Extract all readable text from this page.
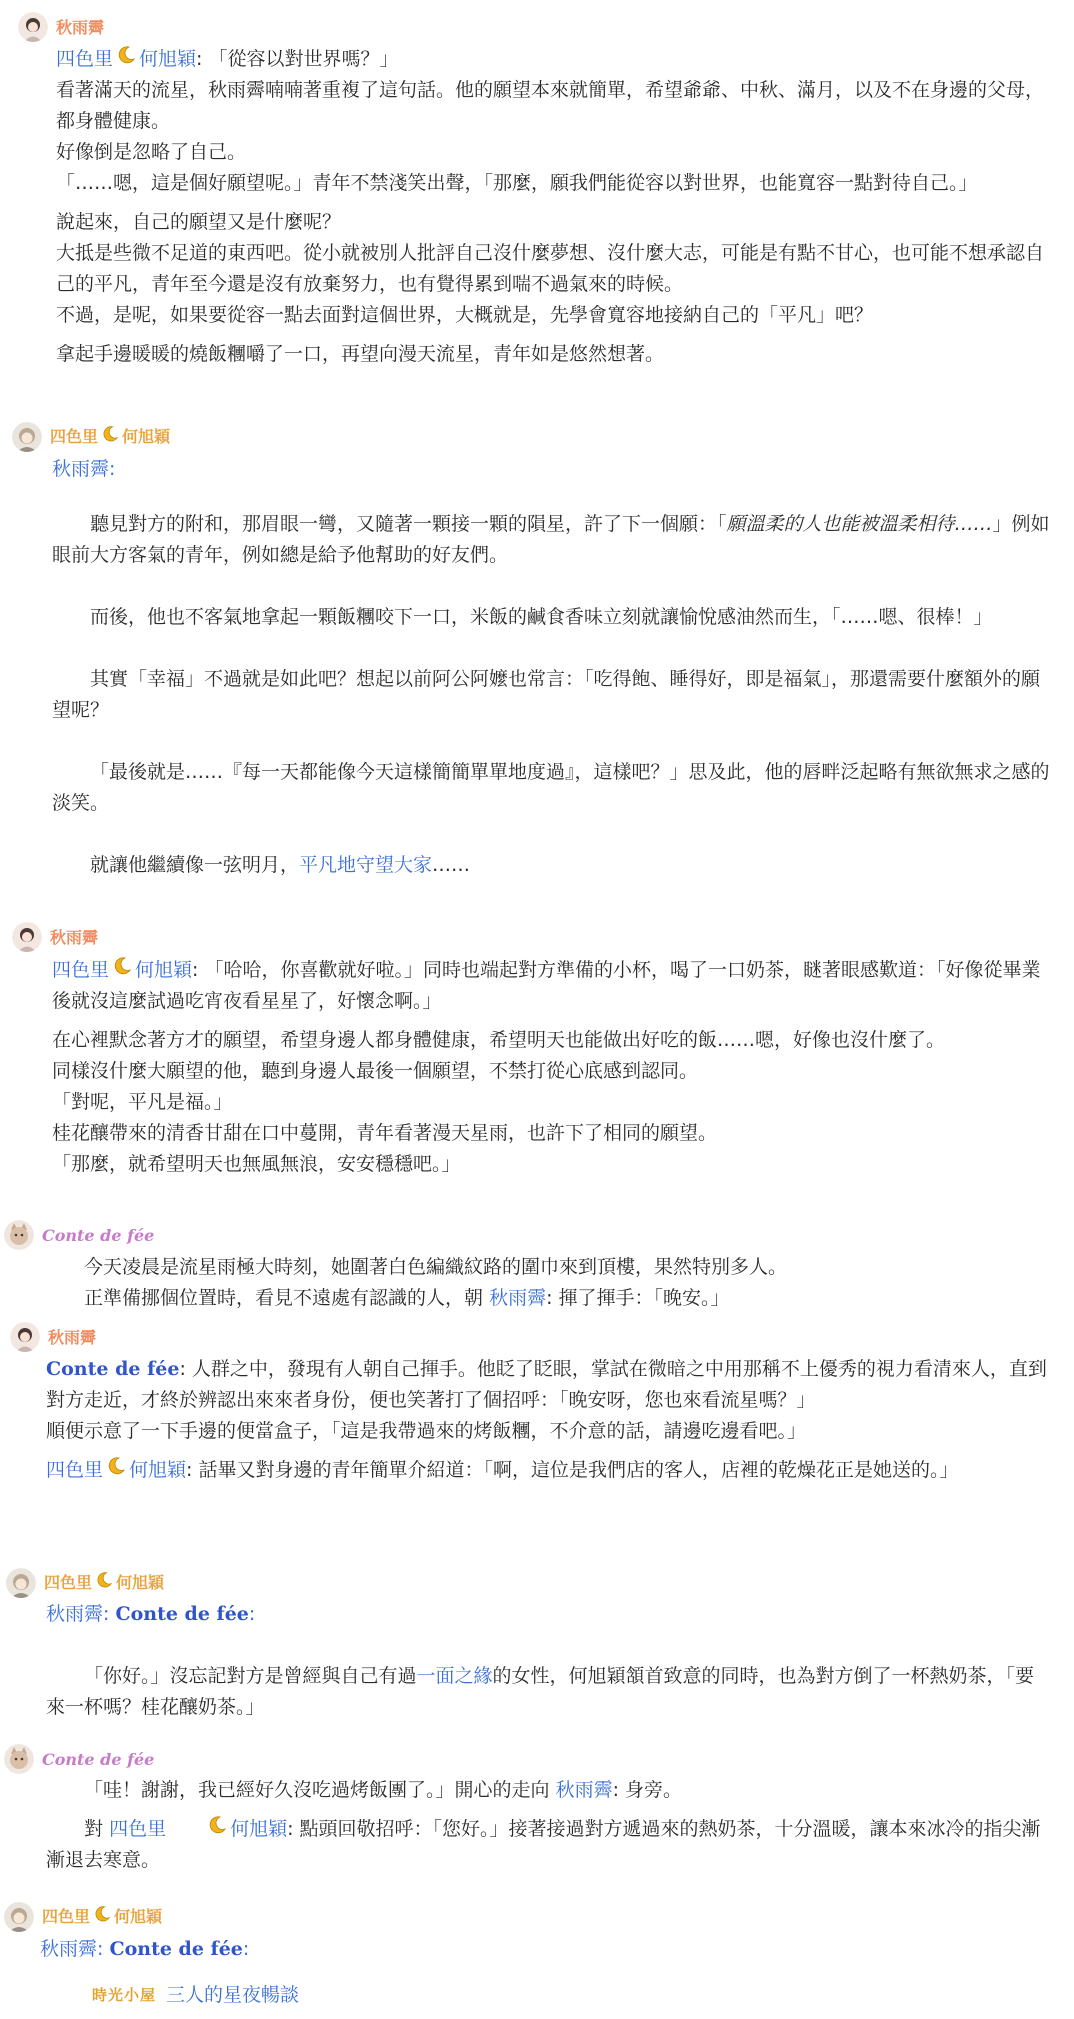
秋雨霽

四色里 何旭穎: 「從容以對世界嗎？」

看著滿天的流星，秋雨霽喃喃著重複了這句話。他的願望本來就簡單，希望爺爺、中秋、滿月，以及不在身邊的父母，都身體健康。

好像倒是忽略了自己。

「……嗯，這是個好願望呢。」青年不禁淺笑出聲，「那麼，願我們能從容以對世界，也能寬容一點對待自己。」

說起來，自己的願望又是什麼呢？

大抵是些微不足道的東西吧。從小就被別人批評自己沒什麼夢想、沒什麼大志，可能是有點不甘心，也可能不想承認自己的平凡，青年至今還是沒有放棄努力，也有覺得累到喘不過氣來的時候。

不過，是呢，如果要從容一點去面對這個世界，大概就是，先學會寬容地接納自己的「平凡」吧？

拿起手邊暖暖的燒飯糰嚼了一口，再望向漫天流星，青年如是悠然想著。

四色里 何旭穎

秋雨霽:

聽見對方的附和，那眉眼一彎，又隨著一顆接一顆的隕星，許了下一個願：「願溫柔的人也能被溫柔相待……」例如眼前大方客氣的青年，例如總是給予他幫助的好友們。

而後，他也不客氣地拿起一顆飯糰咬下一口，米飯的鹹食香味立刻就讓愉悅感油然而生，「……嗯、很棒！」

其實「幸福」不過就是如此吧？想起以前阿公阿嬤也常言：「吃得飽、睡得好，即是福氣」，那還需要什麼額外的願望呢？

「最後就是……『每一天都能像今天這樣簡簡單單地度過』，這樣吧？」思及此，他的唇畔泛起略有無欲無求之感的淡笑。

就讓他繼續像一弦明月，平凡地守望大家……

秋雨霽

四色里 何旭穎: 「哈哈，你喜歡就好啦。」同時也端起對方準備的小杯，喝了一口奶茶，瞇著眼感歎道：「好像從畢業後就沒這麼試過吃宵夜看星星了，好懷念啊。」

在心裡默念著方才的願望，希望身邊人都身體健康，希望明天也能做出好吃的飯……嗯，好像也沒什麼了。

同樣沒什麼大願望的他，聽到身邊人最後一個願望，不禁打從心底感到認同。

「對呢，平凡是福。」

桂花釀帶來的清香甘甜在口中蔓開，青年看著漫天星雨，也許下了相同的願望。

「那麼，就希望明天也無風無浪，安安穩穩吧。」

Conte de fée

今天凌晨是流星雨極大時刻，她圍著白色編織紋路的圍巾來到頂樓，果然特別多人。

正準備挪個位置時，看見不遠處有認識的人，朝 秋雨霽: 揮了揮手：「晚安。」

秋雨霽

Conte de fée: 人群之中，發現有人朝自己揮手。他眨了眨眼，掌試在微暗之中用那稱不上優秀的視力看清來人，直到對方走近，才終於辨認出來來者身份，便也笑著打了個招呼：「晚安呀，您也來看流星嗎？」

順便示意了一下手邊的便當盒子，「這是我帶過來的烤飯糰，不介意的話，請邊吃邊看吧。」

四色里 何旭穎: 話畢又對身邊的青年簡單介紹道：「啊，這位是我們店的客人，店裡的乾燥花正是她送的。」

四色里 何旭穎

秋雨霽: Conte de fée:

「你好。」沒忘記對方是曾經與自己有過一面之緣的女性，何旭穎頷首致意的同時，也為對方倒了一杯熱奶茶，「要來一杯嗎？桂花釀奶茶。」

Conte de fée

「哇！謝謝，我已經好久沒吃過烤飯團了。」開心的走向 秋雨霽: 身旁。

對 四色里	何旭穎: 點頭回敬招呼：「您好。」接著接過對方遞過來的熱奶茶，十分溫暖，讓本來冰冷的指尖漸漸退去寒意。

四色里 何旭穎

秋雨霽: Conte de fée:

時光小屋 三人的星夜暢談
